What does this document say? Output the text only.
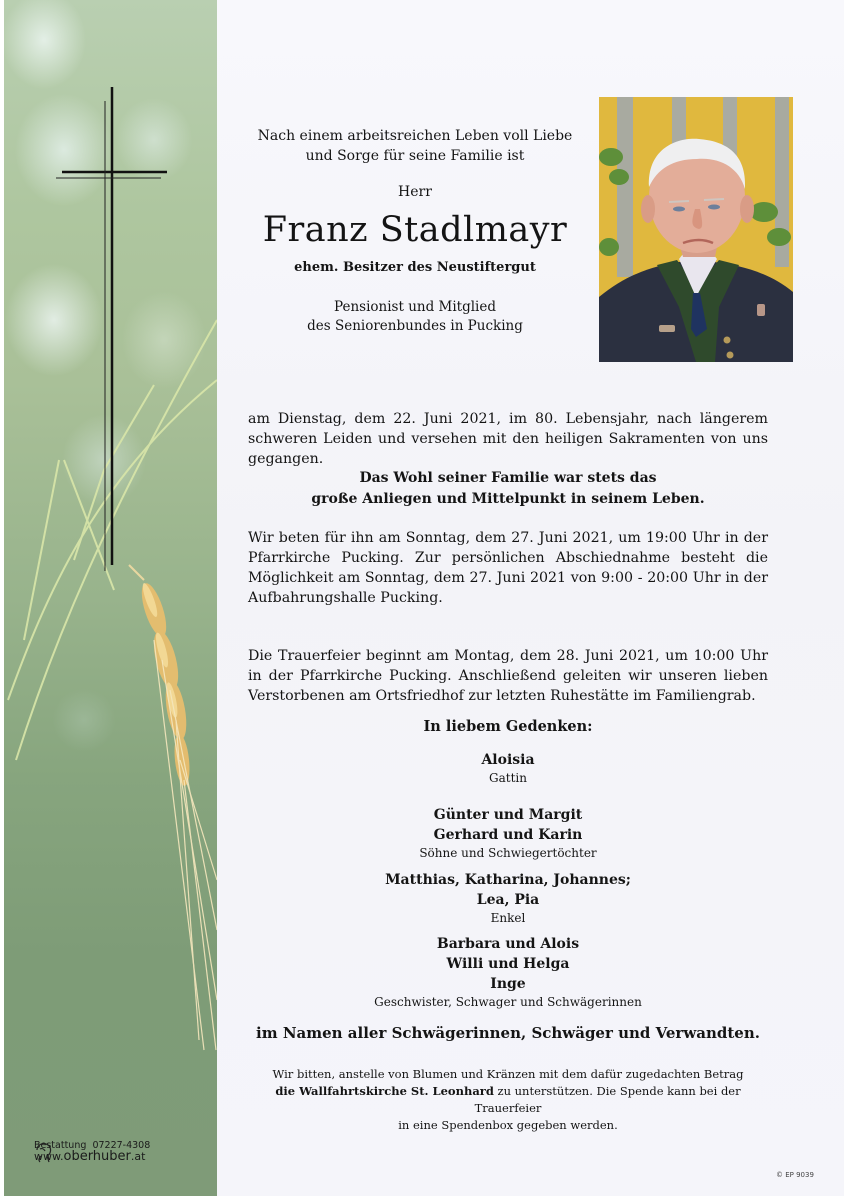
Bestattung 07227-4308
www.oberhuber.at
Nach einem arbeitsreichen Leben voll Liebe
und Sorge für seine Familie ist
Herr
Franz Stadlmayr
ehem. Besitzer des Neustiftergut
Pensionist und Mitglied
des Seniorenbundes in Pucking
am Dienstag, dem 22. Juni 2021, im 80. Lebensjahr, nach längerem schweren Leiden und versehen mit den heiligen Sakramenten von uns gegangen.
Das Wohl seiner Familie war stets das
große Anliegen und Mittelpunkt in seinem Leben.
Wir beten für ihn am Sonntag, dem 27. Juni 2021, um 19:00 Uhr in der Pfarrkirche Pucking. Zur persönlichen Abschiednahme besteht die Möglichkeit am Sonntag, dem 27. Juni 2021 von 9:00 - 20:00 Uhr in der Aufbahrungshalle Pucking.
Die Trauerfeier beginnt am Montag, dem 28. Juni 2021, um 10:00 Uhr in der Pfarrkirche Pucking. Anschließend geleiten wir unseren lieben Verstorbenen am Ortsfriedhof zur letzten Ruhestätte im Familiengrab.
In liebem Gedenken:
Aloisia
Gattin
Günter und Margit
Gerhard und Karin
Söhne und Schwiegertöchter
Matthias, Katharina, Johannes;
Lea, Pia
Enkel
Barbara und Alois
Willi und Helga
Inge
Geschwister, Schwager und Schwägerinnen
im Namen aller Schwägerinnen, Schwäger und Verwandten.
Wir bitten, anstelle von Blumen und Kränzen mit dem dafür zugedachten Betrag
die Wallfahrtskirche St. Leonhard zu unterstützen. Die Spende kann bei der Trauerfeier
in eine Spendenbox gegeben werden.
© EP 9039
